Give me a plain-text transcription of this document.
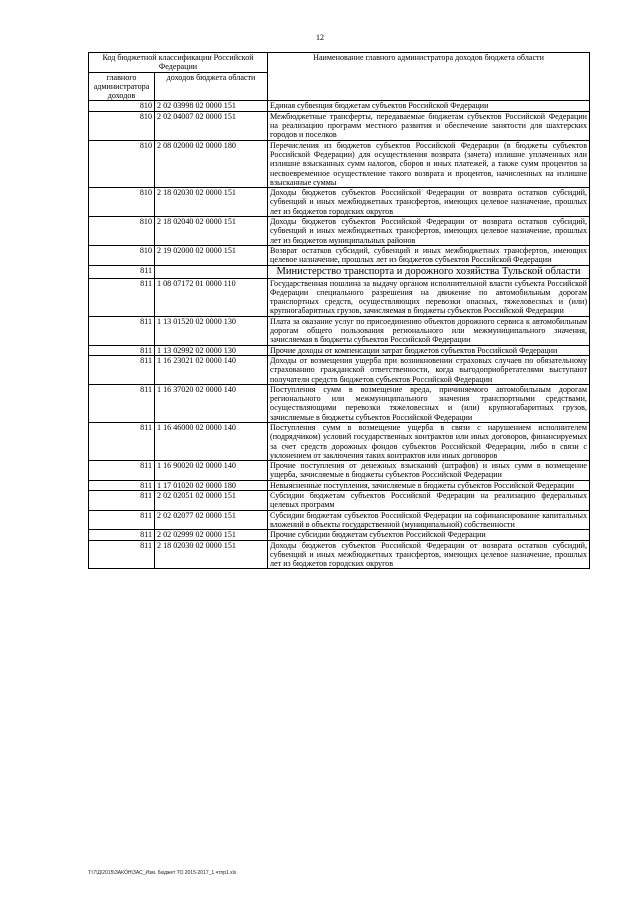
12
Код бюджетной классификации Российской Федерации		Наименование главного администратора доходов бюджета области
главного администратора доходов	доходов бюджета области	
810	2 02 03998 02 0000 151	Единая субвенция бюджетам субъектов Российской Федерации
810	2 02 04007 02 0000 151	Межбюджетные трансферты, передаваемые бюджетам субъектов Российской Федерации на реализацию программ местного развития и обеспечение занятости для шахтерских городов и поселков
810	2 08 02000 02 0000 180	Перечисления из бюджетов субъектов Российской Федерации (в бюджеты субъектов Российской Федерации) для осуществления возврата (зачета) излишне уплаченных или излишне взысканных сумм налогов, сборов и иных платежей, а также сумм процентов за несвоевременное осуществление такого возврата и процентов, начисленных на излишне взысканные суммы
810	2 18 02030 02 0000 151	Доходы бюджетов субъектов Российской Федерации от возврата остатков субсидий, субвенций и иных межбюджетных трансфертов, имеющих целевое назначение, прошлых лет из бюджетов городских округов
810	2 18 02040 02 0000 151	Доходы бюджетов субъектов Российской Федерации от возврата остатков субсидий, субвенций и иных межбюджетных трансфертов, имеющих целевое назначение, прошлых лет из бюджетов муниципальных районов
810	2 19 02000 02 0000 151	Возврат остатков субсидий, субвенций и иных межбюджетных трансфертов, имеющих целевое назначение, прошлых лет из бюджетов субъектов Российской Федерации
811		Министерство транспорта и дорожного хозяйства Тульской области
811	1 08 07172 01 0000 110	Государственная пошлина за выдачу органом исполнительной власти субъекта Российской Федерации специального разрешения на движение по автомобильным дорогам транспортных средств, осуществляющих перевозки опасных, тяжеловесных и (или) крупногабаритных грузов, зачисляемая в бюджеты субъектов Российской Федерации
811	1 13 01520 02 0000 130	Плата за оказание услуг по присоединению объектов дорожного сервиса к автомобильным дорогам общего пользования регионального или межмуниципального значения, зачисляемая в бюджеты субъектов Российской Федерации
811	1 13 02992 02 0000 130	Прочие доходы от компенсации затрат бюджетов субъектов Российской Федерации
811	1 16 23021 02 0000 140	Доходы от возмещения ущерба при возникновении страховых случаев по обязательному страхованию гражданской ответственности, когда выгодоприобретателями выступают получатели средств бюджетов субъектов Российской Федерации
811	1 16 37020 02 0000 140	Поступления сумм в возмещение вреда, причиняемого автомобильным дорогам регионального или межмуниципального значения транспортными средствами, осуществляющими перевозки тяжеловесных и (или) крупногабаритных грузов, зачисляемые в бюджеты субъектов Российской Федерации
811	1 16 46000 02 0000 140	Поступления сумм в возмещение ущерба в связи с нарушением исполнителем (подрядчиком) условий государственных контрактов или иных договоров, финансируемых за счет средств дорожных фондов субъектов Российской Федерации, либо в связи с уклонением от заключения таких контрактов или иных договоров
811	1 16 90020 02 0000 140	Прочие поступления от денежных взысканий (штрафов) и иных сумм в возмещение ущерба, зачисляемые в бюджеты субъектов Российской Федерации
811	1 17 01020 02 0000 180	Невыясненные поступления, зачисляемые в бюджеты субъектов Российской Федерации
811	2 02 02051 02 0000 151	Субсидии бюджетам субъектов Российской Федерации на реализацию федеральных целевых программ
811	2 02 02077 02 0000 151	Субсидии бюджетам субъектов Российской Федерации на софинансирование капитальных вложений в объекты государственной (муниципальной) собственности
811	2 02 02999 02 0000 151	Прочие субсидии бюджетам субъектов Российской Федерации
811	2 18 02030 02 0000 151	Доходы бюджетов субъектов Российской Федерации от возврата остатков субсидий, субвенций и иных межбюджетных трансфертов, имеющих целевое назначение, прошлых лет из бюджетов городских округов
T:\7\Д\2015\ЗАКОН\ЗАС_Изм. бюджет ТО 2015-2017_1 чтпр1.xls
